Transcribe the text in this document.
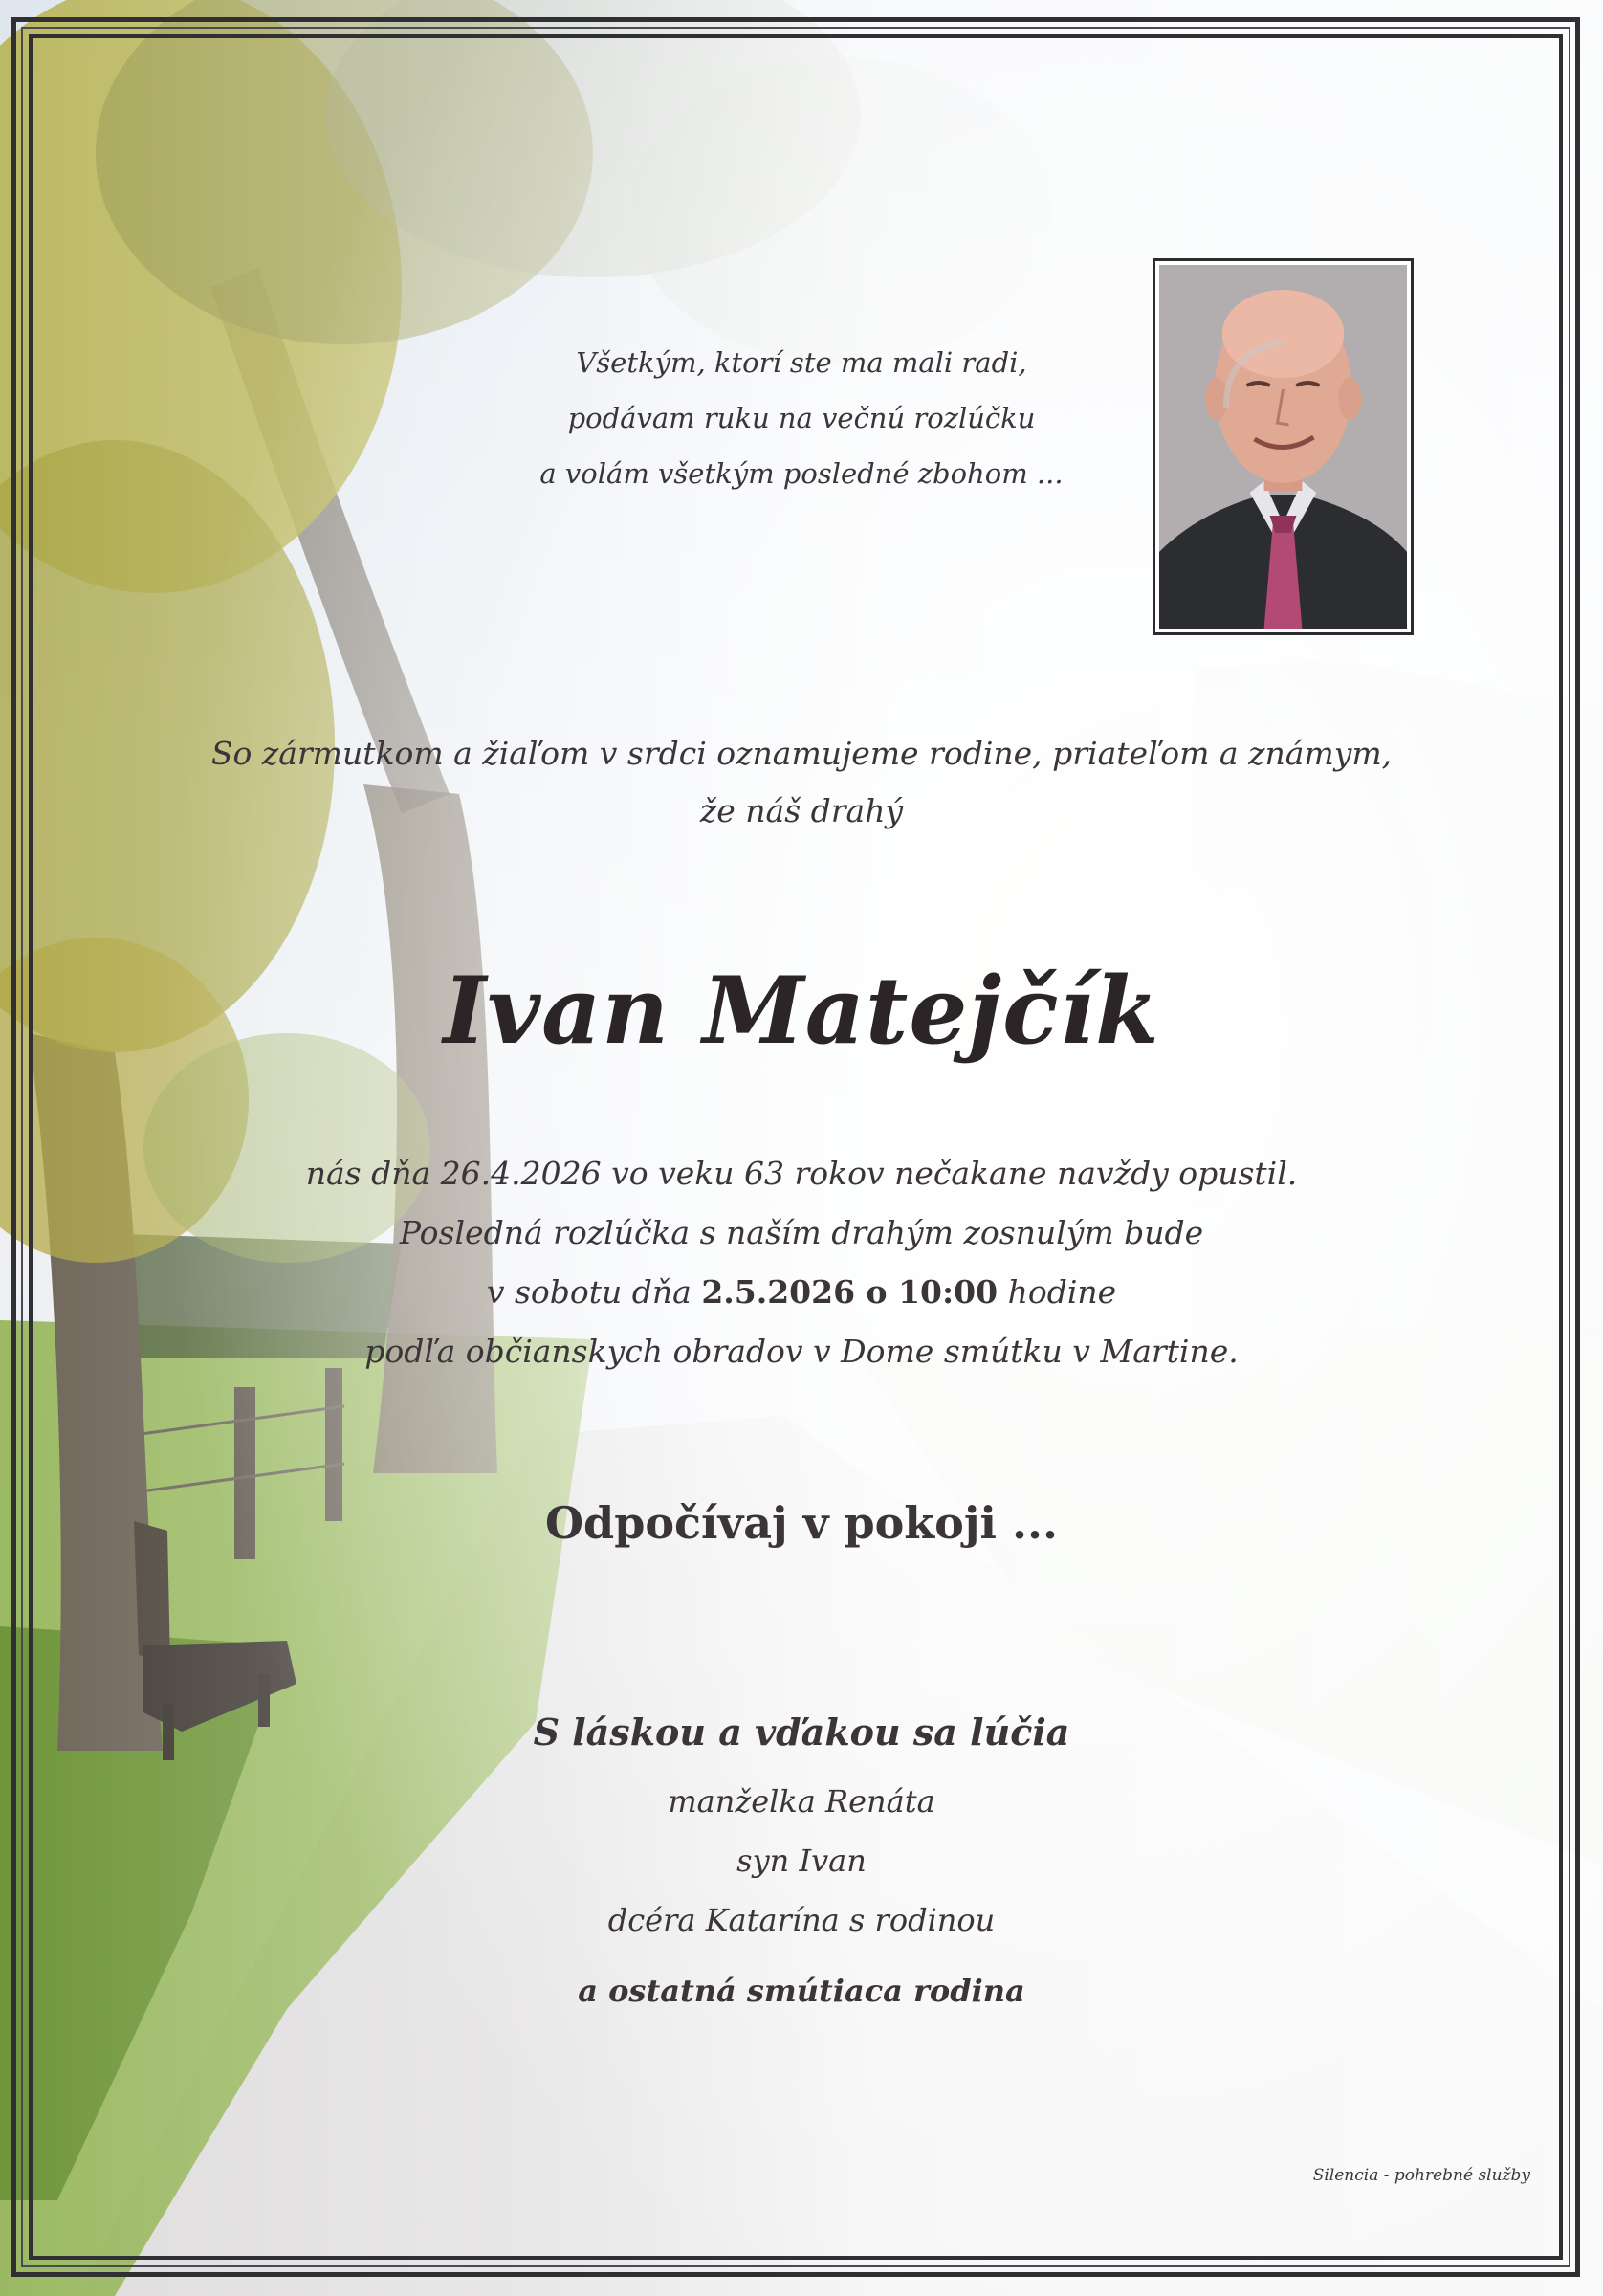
Všetkým, ktorí ste ma mali radi,
podávam ruku na večnú rozlúčku
a volám všetkým posledné zbohom ...
So zármutkom a žiaľom v srdci oznamujeme rodine, priateľom a známym,
že náš drahý
Ivan Matejčík
nás dňa 26.4.2026 vo veku 63 rokov nečakane navždy opustil.
Posledná rozlúčka s naším drahým zosnulým bude
v sobotu dňa 2.5.2026 o 10:00 hodine
podľa občianskych obradov v Dome smútku v Martine.
Odpočívaj v pokoji ...
S láskou a vďakou sa lúčia
manželka Renáta
syn Ivan
dcéra Katarína s rodinou
a ostatná smútiaca rodina
Silencia - pohrebné služby
